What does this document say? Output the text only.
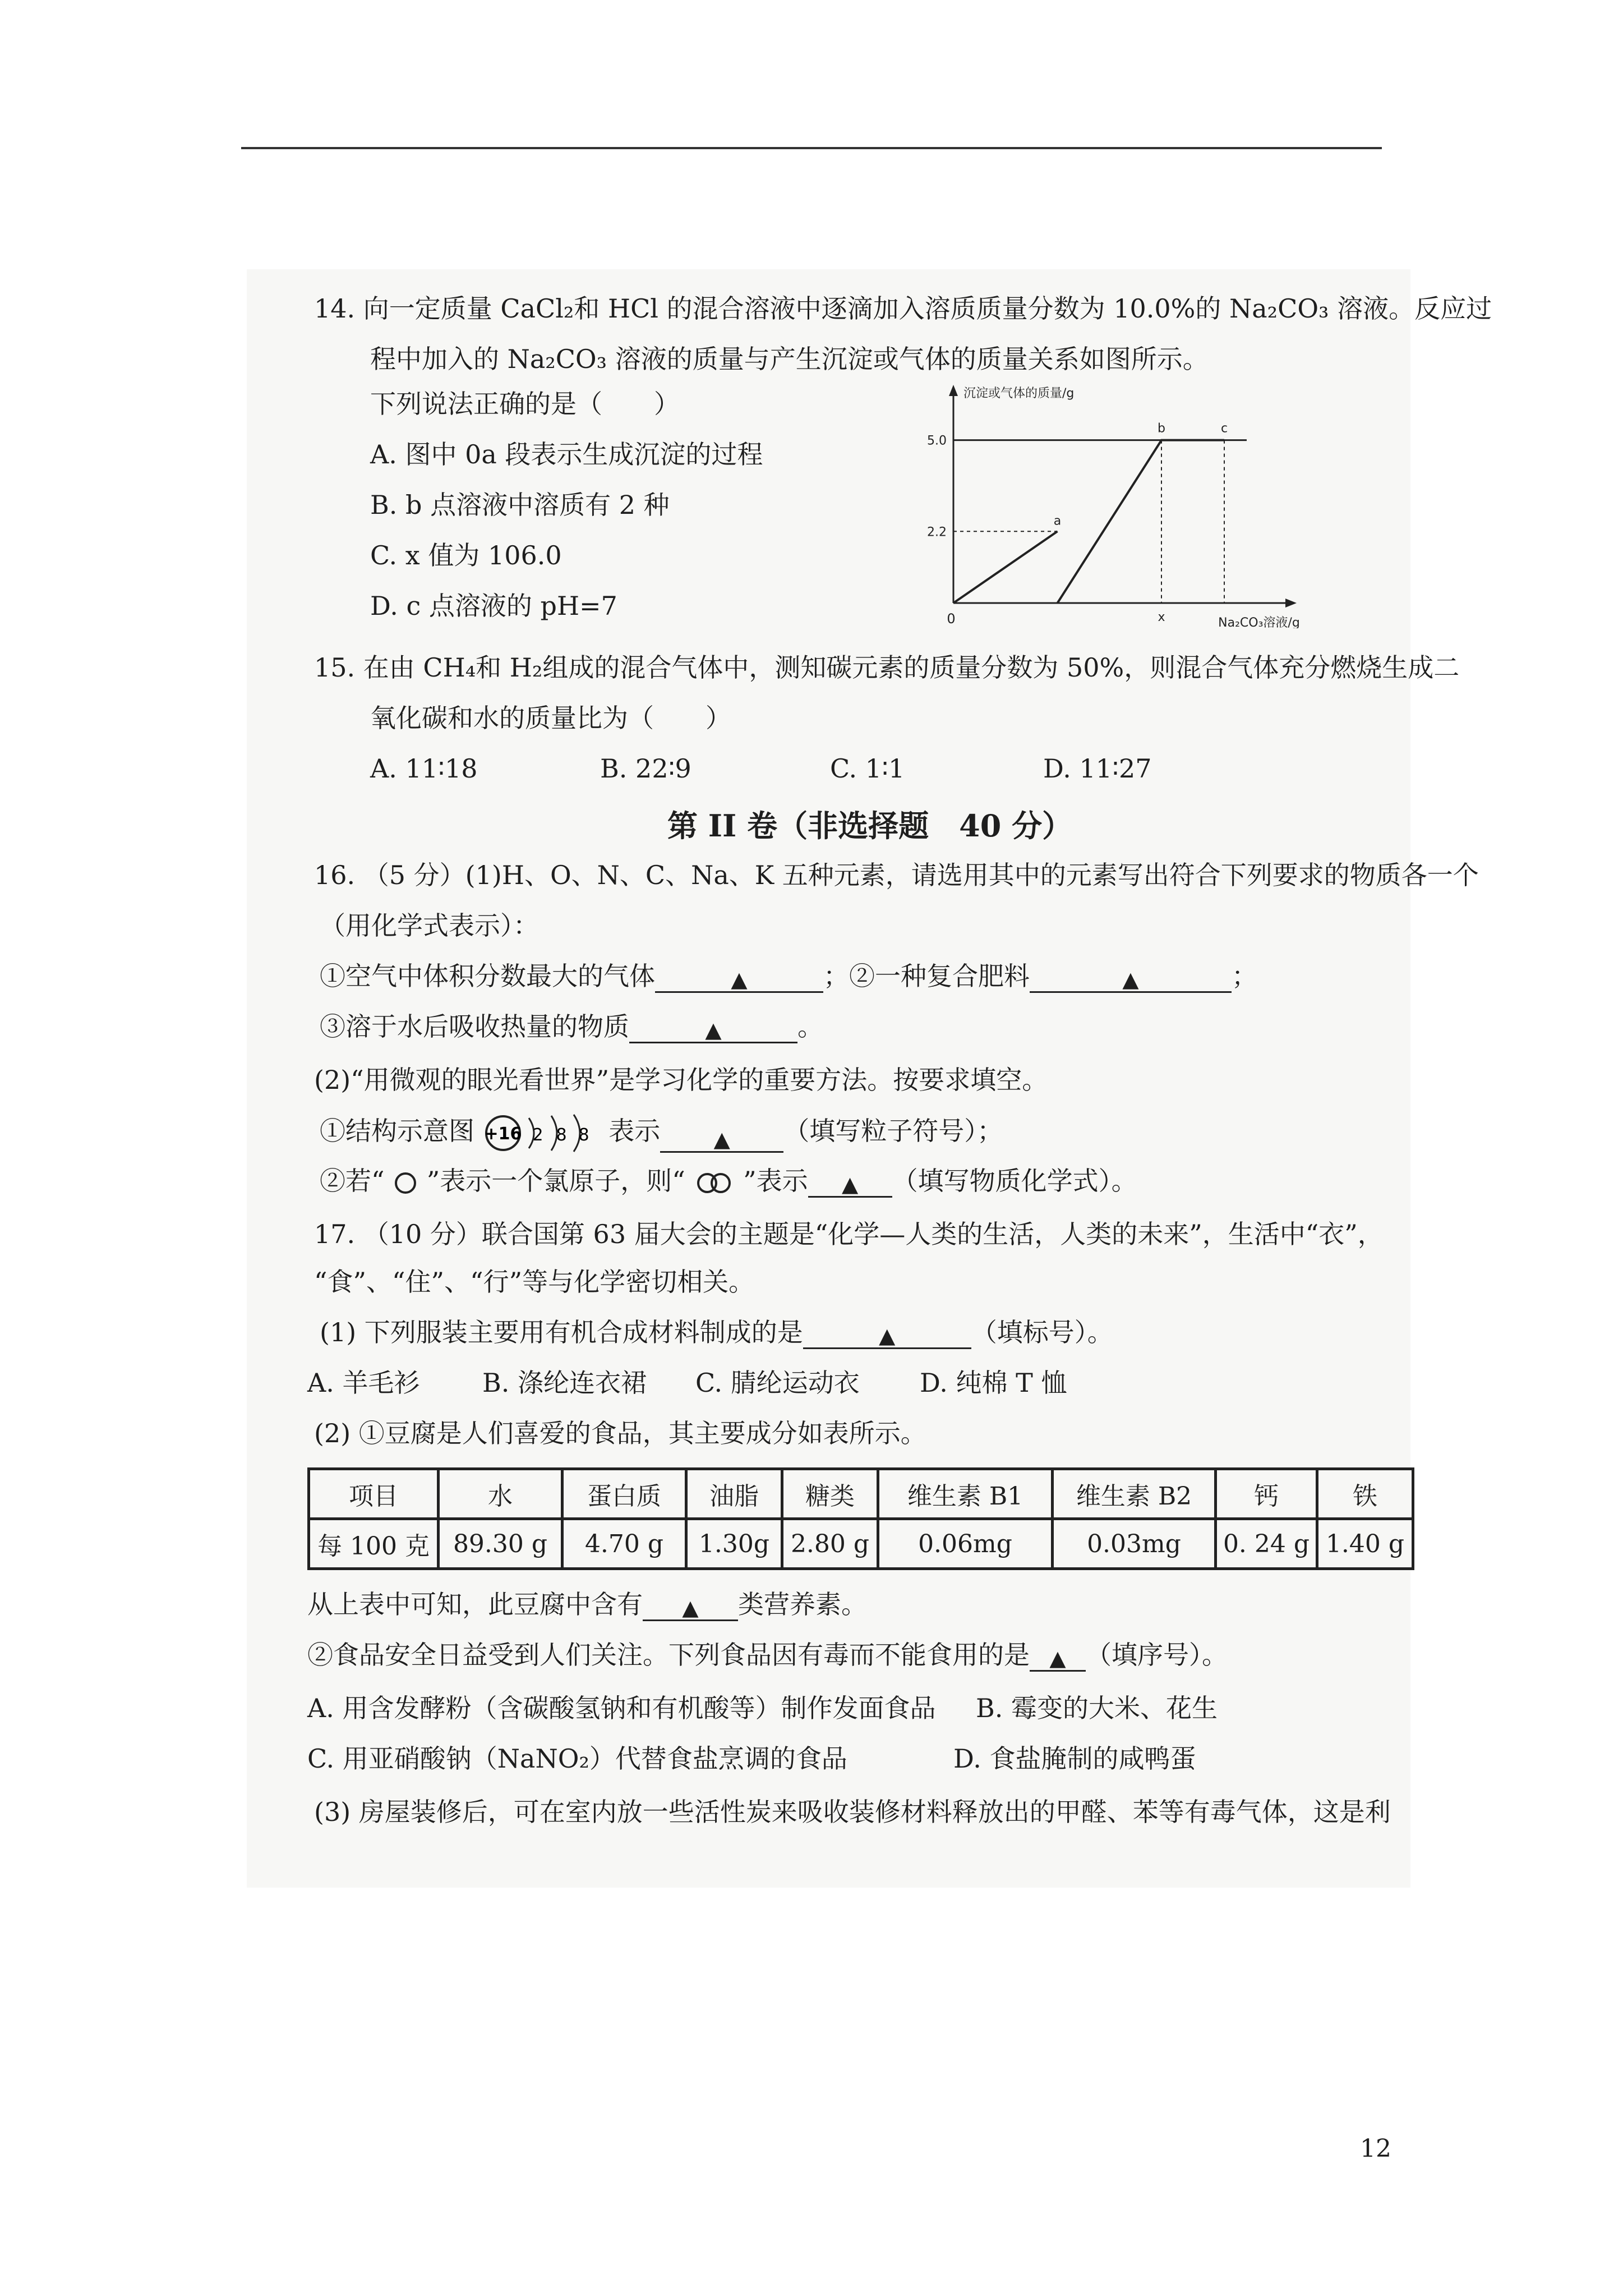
14. 向一定质量 CaCl₂和 HCl 的混合溶液中逐滴加入溶质质量分数为 10.0%的 Na₂CO₃ 溶液。反应过
程中加入的 Na₂CO₃ 溶液的质量与产生沉淀或气体的质量关系如图所示。
下列说法正确的是（　　）
A. 图中 0a 段表示生成沉淀的过程
B. b 点溶液中溶质有 2 种
C. x 值为 106.0
D. c 点溶液的 pH=7
沉淀或气体的质量/g
Na₂CO₃溶液/g
0
5.0
2.2
a
b	c
x
15. 在由 CH₄和 H₂组成的混合气体中，测知碳元素的质量分数为 50%，则混合气体充分燃烧生成二
氧化碳和水的质量比为（　　）
A. 11∶18	B. 22∶9	C. 1∶1	D. 11∶27
第 II 卷（非选择题　40 分）
16. （5 分）(1)H、O、N、C、Na、K 五种元素，请选用其中的元素写出符合下列要求的物质各一个
（用化学式表示）：
①空气中体积分数最大的气体	▲	；②一种复合肥料	▲	；
③溶于水后吸收热量的物质	▲	。
(2)“用微观的眼光看世界”是学习化学的重要方法。按要求填空。
①结构示意图 +16 2 8 8 表示	▲ （填写粒子符号）；
②若“ ”表示一个氯原子，则“ ”表示 ▲ （填写物质化学式）。
17. （10 分）联合国第 63 届大会的主题是“化学—人类的生活，人类的未来”，生活中“衣”，
“食”、“住”、“行”等与化学密切相关。
(1) 下列服装主要用有机合成材料制成的是	▲	（填标号）。
A. 羊毛衫 B. 涤纶连衣裙 C. 腈纶运动衣 D. 纯棉 T 恤
(2) ①豆腐是人们喜爱的食品，其主要成分如表所示。
项目	水	蛋白质	油脂	糖类	维生素 B1	维生素 B2	钙	铁
每 100 克	89.30 g	4.70 g	1.30g	2.80 g	0.06mg	0.03mg	0. 24 g	1.40 g
从上表中可知，此豆腐中含有 ▲ 类营养素。
②食品安全日益受到人们关注。下列食品因有毒而不能食用的是 ▲ （填序号）。
A. 用含发酵粉（含碳酸氢钠和有机酸等）制作发面食品 B. 霉变的大米、花生
C. 用亚硝酸钠（NaNO₂）代替食盐烹调的食品	D. 食盐腌制的咸鸭蛋
(3) 房屋装修后，可在室内放一些活性炭来吸收装修材料释放出的甲醛、苯等有毒气体，这是利
12
